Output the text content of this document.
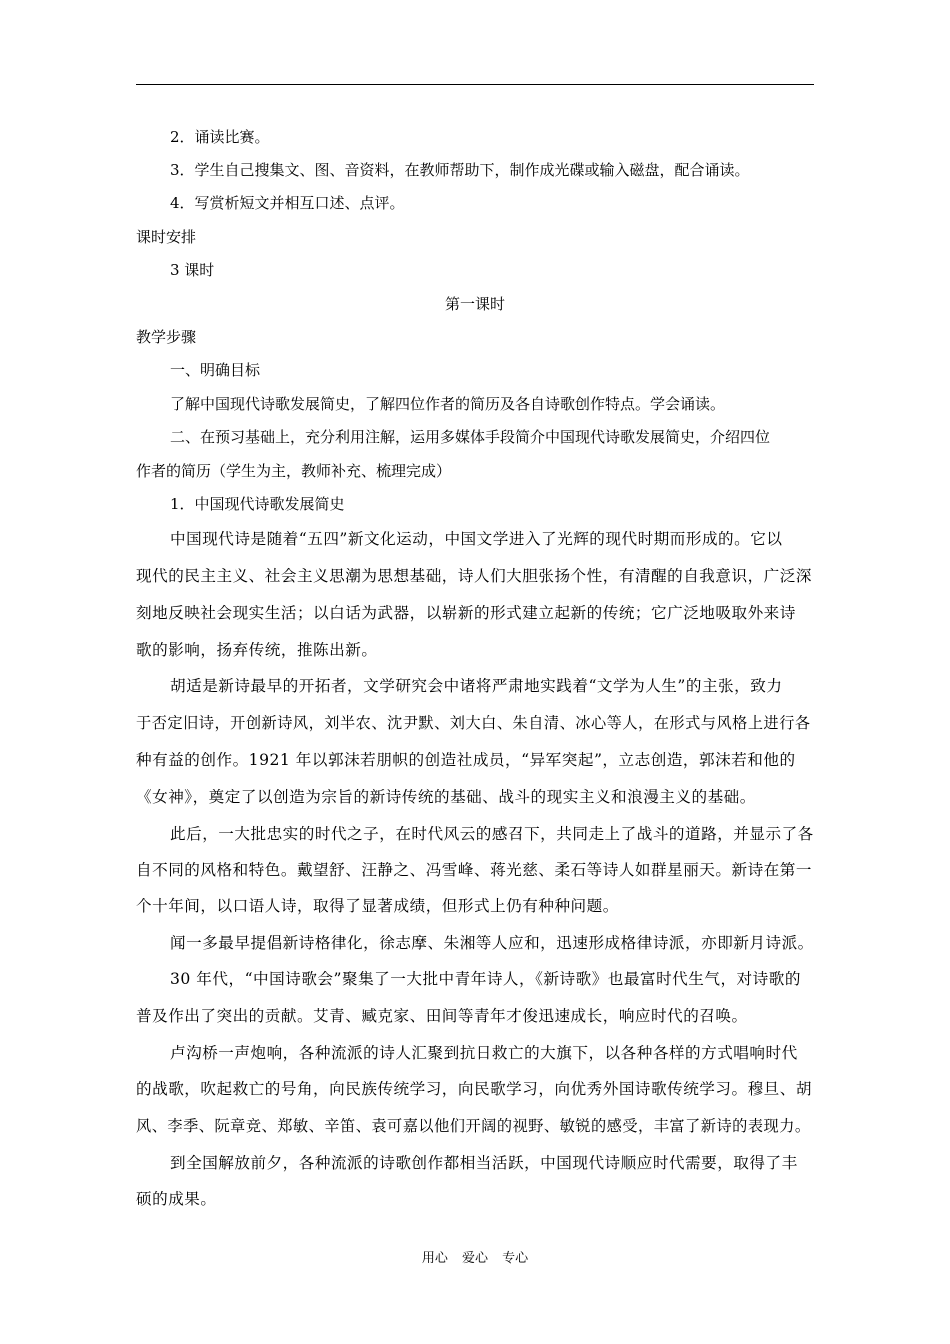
2．诵读比赛。
3．学生自己搜集文、图、音资料，在教师帮助下，制作成光碟或输入磁盘，配合诵读。
4．写赏析短文并相互口述、点评。
课时安排
3 课时
第一课时
教学步骤
一、明确目标
了解中国现代诗歌发展简史，了解四位作者的简历及各自诗歌创作特点。学会诵读。
二、在预习基础上，充分利用注解，运用多媒体手段简介中国现代诗歌发展简史，介绍四位
作者的简历（学生为主，教师补充、梳理完成）
1．中国现代诗歌发展简史
中国现代诗是随着“五四”新文化运动，中国文学进入了光辉的现代时期而形成的。它以
现代的民主主义、社会主义思潮为思想基础，诗人们大胆张扬个性，有清醒的自我意识，广泛深
刻地反映社会现实生活；以白话为武器，以崭新的形式建立起新的传统；它广泛地吸取外来诗
歌的影响，扬弃传统，推陈出新。
胡适是新诗最早的开拓者，文学研究会中诸将严肃地实践着“文学为人生”的主张，致力
于否定旧诗，开创新诗风，刘半农、沈尹默、刘大白、朱自清、冰心等人，在形式与风格上进行各
种有益的创作。1921 年以郭沫若朋帜的创造社成员，“异军突起”，立志创造，郭沫若和他的
《女神》，奠定了以创造为宗旨的新诗传统的基础、战斗的现实主义和浪漫主义的基础。
此后，一大批忠实的时代之子，在时代风云的感召下，共同走上了战斗的道路，并显示了各
自不同的风格和特色。戴望舒、汪静之、冯雪峰、蒋光慈、柔石等诗人如群星丽天。新诗在第一
个十年间，以口语人诗，取得了显著成绩，但形式上仍有种种问题。
闻一多最早提倡新诗格律化，徐志摩、朱湘等人应和，迅速形成格律诗派，亦即新月诗派。
30 年代，“中国诗歌会”聚集了一大批中青年诗人，《新诗歌》也最富时代生气，对诗歌的
普及作出了突出的贡献。艾青、臧克家、田间等青年才俊迅速成长，响应时代的召唤。
卢沟桥一声炮响，各种流派的诗人汇聚到抗日救亡的大旗下，以各种各样的方式唱响时代
的战歌，吹起救亡的号角，向民族传统学习，向民歌学习，向优秀外国诗歌传统学习。穆旦、胡
风、李季、阮章竞、郑敏、辛笛、袁可嘉以他们开阔的视野、敏锐的感受，丰富了新诗的表现力。
到全国解放前夕，各种流派的诗歌创作都相当活跃，中国现代诗顺应时代需要，取得了丰
硕的成果。
用心 爱心 专心
